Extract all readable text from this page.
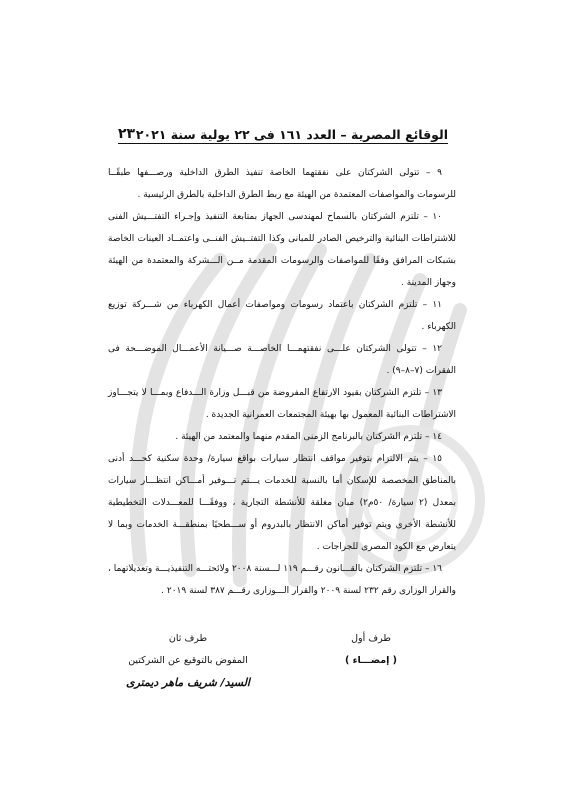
الوقائع المصرية – العدد ١٦١ فى ٢٢ يولية سنة ٢٠٢١
٢٣

٩ – تتولى الشركتان على نفقتهما الخاصة تنفيذ الطرق الداخلية ورصـــفها طبقًــا للرسومات والمواصفات المعتمدة من الهيئة مع ربط الطرق الداخلية بالطرق الرئيسية .

١٠ – تلتزم الشركتان بالسماح لمهندسى الجهاز بمتابعة التنفيذ وإجـراء التفتـــيش الفنى للاشتراطات البنائية والترخيص الصادر للمبانى وكذا التفتــيش الفنــى واعتمــاد العينات الخاصة بشبكات المرافق وفقًا للمواصفات والرسومات المقدمة مــن الـــشركة والمعتمدة من الهيئة وجهاز المدينة .

١١ – تلتزم الشركتان باعتماد رسومات ومواصفات أعمال الكهرباء من شـــركة توزيع الكهرباء .

١٢ – تتولى الشركتان علـــى نفقتهمـــا الخاصـــة صـــيانة الأعمـــال الموضـــحة فى الفقرات (٧–٨–٩) .

١٣ – تلتزم الشركتان بقيود الارتفاع المفروضة من قبـــل وزارة الـــدفاع وبمـــا لا يتجـــاوز الاشتراطات البنائية المعمول بها بهيئة المجتمعات العمرانية الجديدة .

١٤ – تلتزم الشركتان بالبرنامج الزمنى المقدم منهما والمعتمد من الهيئة .

١٥ – يتم الالتزام بتوفير مواقف انتظار سيارات بواقع سيارة/ وحدة سكنية كحـــد أدنى بالمناطق المخصصة للإسكان أما بالنسبة للخدمات يـــتم تـــوفير أمـــاكن انتظـــار سيارات بمعدل (٢ سيارة/ ٥٠م٢) مبان مغلقة للأنشطة التجارية ، ووفقًـــا للمعـــدلات التخطيطية للأنشطة الأخرى ويتم توفير أماكن الانتظار بالبدروم أو ســـطحيًا بمنطقـــة الخدمات وبما لا يتعارض مع الكود المصرى للجراجات .

١٦ – تلتزم الشركتان بالقـــانون رقـــم ١١٩ لـــسنة ٢٠٠٨ ولائحتـــه التنفيذيـــة وتعديلاتهما ، والقرار الوزارى رقم ٢٣٢ لسنة ٢٠٠٩ والقرار الـــوزارى رقـــم ٣٨٧ لسنة ٢٠١٩ .

طرف أول
( إمضـــاء )
طرف ثان
المفوض بالتوقيع عن الشركتين
السيد/ شريف ماهر ديمترى
